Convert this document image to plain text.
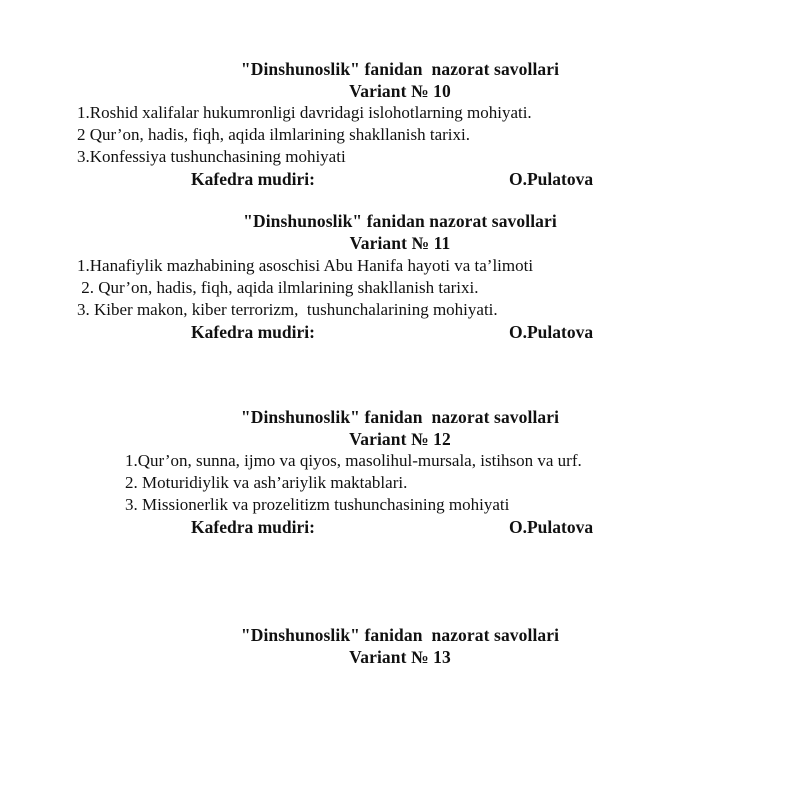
"Dinshunoslik" fanidan  nazorat savollari
Variant № 10
1.Roshid xalifalar hukumronligi davridagi islohotlarning mohiyati.
2 Qur’on, hadis, fiqh, aqida ilmlarining shakllanish tarixi.
3.Konfessiya tushunchasining mohiyati
Kafedra mudiri:	O.Pulatova
"Dinshunoslik" fanidan nazorat savollari
Variant № 11
1.Hanafiylik mazhabining asoschisi Abu Hanifa hayoti va ta’limoti
2. Qur’on, hadis, fiqh, aqida ilmlarining shakllanish tarixi.
3. Kiber makon, kiber terrorizm,  tushunchalarining mohiyati.
Kafedra mudiri:	O.Pulatova
"Dinshunoslik" fanidan  nazorat savollari
Variant № 12
1.Qur’on, sunna, ijmo va qiyos, masolihul-mursala, istihson va urf.
2. Moturidiylik va ash’ariylik maktablari.
3. Missionerlik va prozelitizm tushunchasining mohiyati
Kafedra mudiri:	O.Pulatova
"Dinshunoslik" fanidan  nazorat savollari
Variant № 13
